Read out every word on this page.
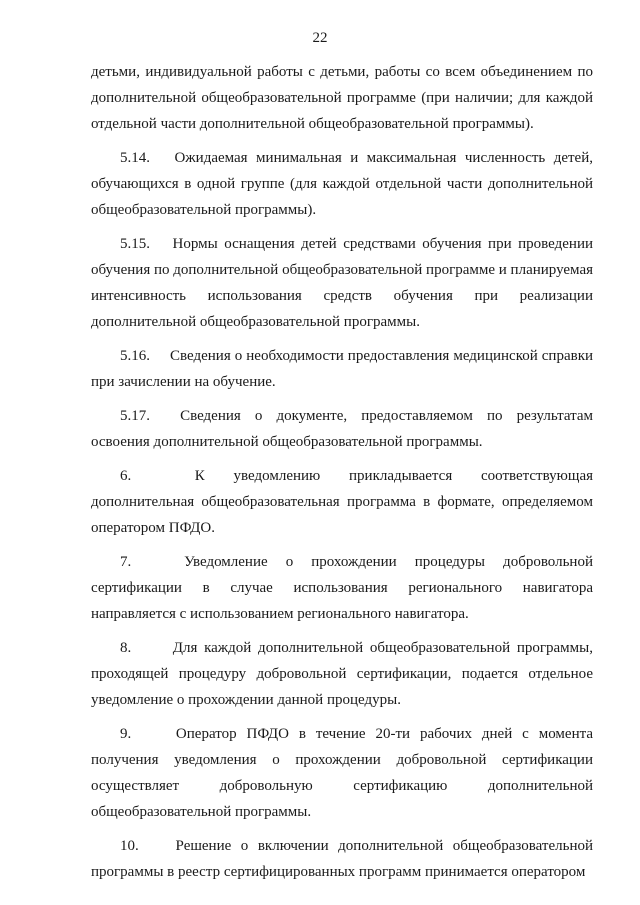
22

детьми, индивидуальной работы с детьми, работы со всем объединением по дополнительной общеобразовательной программе (при наличии; для каждой отдельной части дополнительной общеобразовательной программы).

5.14. Ожидаемая минимальная и максимальная численность детей, обучающихся в одной группе (для каждой отдельной части дополнительной общеобразовательной программы).

5.15. Нормы оснащения детей средствами обучения при проведении обучения по дополнительной общеобразовательной программе и планируемая интенсивность использования средств обучения при реализации дополнительной общеобразовательной программы.

5.16. Сведения о необходимости предоставления медицинской справки при зачислении на обучение.

5.17. Сведения о документе, предоставляемом по результатам освоения дополнительной общеобразовательной программы.

6.	К уведомлению прикладывается соответствующая дополнительная общеобразовательная программа в формате, определяемом оператором ПФДО.

7.	Уведомление о прохождении процедуры добровольной сертификации в случае использования регионального навигатора направляется с использованием регионального навигатора.

8.	Для каждой дополнительной общеобразовательной программы, проходящей процедуру добровольной сертификации, подается отдельное уведомление о прохождении данной процедуры.

9.	Оператор ПФДО в течение 20-ти рабочих дней с момента получения уведомления о прохождении добровольной сертификации осуществляет добровольную сертификацию дополнительной общеобразовательной программы.

10. Решение о включении дополнительной общеобразовательной программы в реестр сертифицированных программ принимается оператором
